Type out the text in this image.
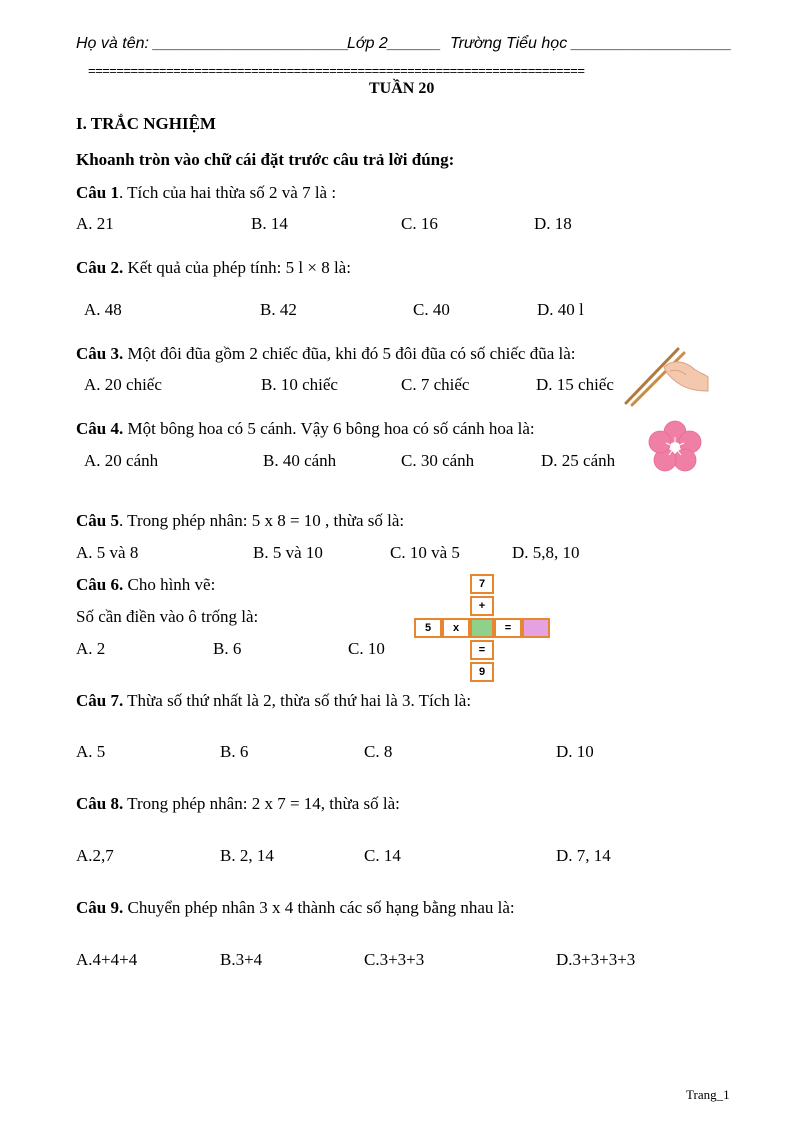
Họ và tên: ______________________
Lớp 2______ Trường Tiểu học __________________
======================================================================
TUẦN 20
I. TRẮC NGHIỆM
Khoanh tròn vào chữ cái đặt trước câu trả lời đúng:
Câu 1. Tích của hai thừa số 2 và 7 là :
A. 21	B. 14	C. 16	D. 18
Câu 2. Kết quả của phép tính: 5 l × 8 là:
A. 48	B. 42	C. 40	D. 40 l
Câu 3. Một đôi đũa gồm 2 chiếc đũa, khi đó 5 đôi đũa có số chiếc đũa là:
A. 20 chiếc	B. 10 chiếc	C. 7 chiếc	D. 15 chiếc
Câu 4. Một bông hoa có 5 cánh. Vậy 6 bông hoa có số cánh hoa là:
A. 20 cánh	B. 40 cánh	C. 30 cánh	D. 25 cánh
Câu 5. Trong phép nhân: 5 x 8 = 10 , thừa số là:
A. 5 và 8	B. 5 và 10	C. 10 và 5	D. 5,8, 10
Câu 6. Cho hình vẽ:
Số cần điền vào ô trống là:
A. 2	B. 6	C. 10
7
+
5	x	=
=
9
Câu 7. Thừa số thứ nhất là 2, thừa số thứ hai là 3. Tích là:
A. 5	B. 6	C. 8	D. 10
Câu 8. Trong phép nhân: 2 x 7 = 14, thừa số là:
A.2,7	B. 2, 14	C. 14	D. 7, 14
Câu 9. Chuyển phép nhân 3 x 4 thành các số hạng bằng nhau là:
A.4+4+4	B.3+4	C.3+3+3	D.3+3+3+3
Trang_1
